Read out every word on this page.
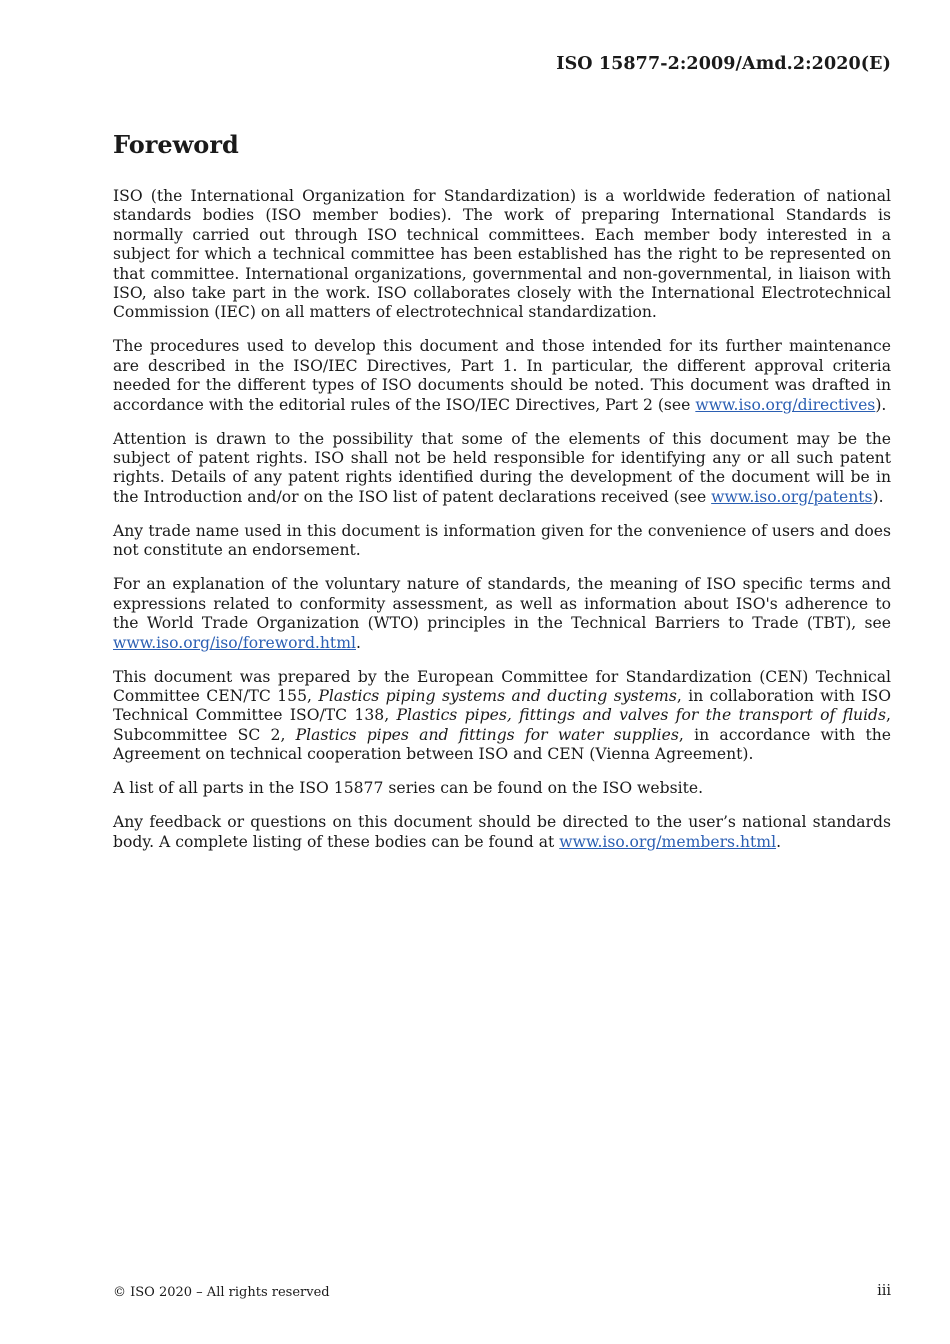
ISO 15877-2:2009/Amd.2:2020(E)
Foreword

ISO (the International Organization for Standardization) is a worldwide federation of national standards bodies (ISO member bodies). The work of preparing International Standards is normally carried out through ISO technical committees. Each member body interested in a subject for which a technical committee has been established has the right to be represented on that committee. International organizations, governmental and non-governmental, in liaison with ISO, also take part in the work. ISO collaborates closely with the International Electrotechnical Commission (IEC) on all matters of electrotechnical standardization.

The procedures used to develop this document and those intended for its further maintenance are described in the ISO/IEC Directives, Part 1. In particular, the different approval criteria needed for the different types of ISO documents should be noted. This document was drafted in accordance with the editorial rules of the ISO/IEC Directives, Part 2 (see www.iso.org/directives).

Attention is drawn to the possibility that some of the elements of this document may be the subject of patent rights. ISO shall not be held responsible for identifying any or all such patent rights. Details of any patent rights identified during the development of the document will be in the Introduction and/or on the ISO list of patent declarations received (see www.iso.org/patents).

Any trade name used in this document is information given for the convenience of users and does not constitute an endorsement.

For an explanation of the voluntary nature of standards, the meaning of ISO specific terms and expressions related to conformity assessment, as well as information about ISO's adherence to the World Trade Organization (WTO) principles in the Technical Barriers to Trade (TBT), see www.iso.org/iso/foreword.html.

This document was prepared by the European Committee for Standardization (CEN) Technical Committee CEN/TC 155, Plastics piping systems and ducting systems, in collaboration with ISO Technical Committee ISO/TC 138, Plastics pipes, fittings and valves for the transport of fluids, Subcommittee SC 2, Plastics pipes and fittings for water supplies, in accordance with the Agreement on technical cooperation between ISO and CEN (Vienna Agreement).

A list of all parts in the ISO 15877 series can be found on the ISO website.

Any feedback or questions on this document should be directed to the user’s national standards body. A complete listing of these bodies can be found at www.iso.org/members.html.

© ISO 2020 – All rights reserved	iii
